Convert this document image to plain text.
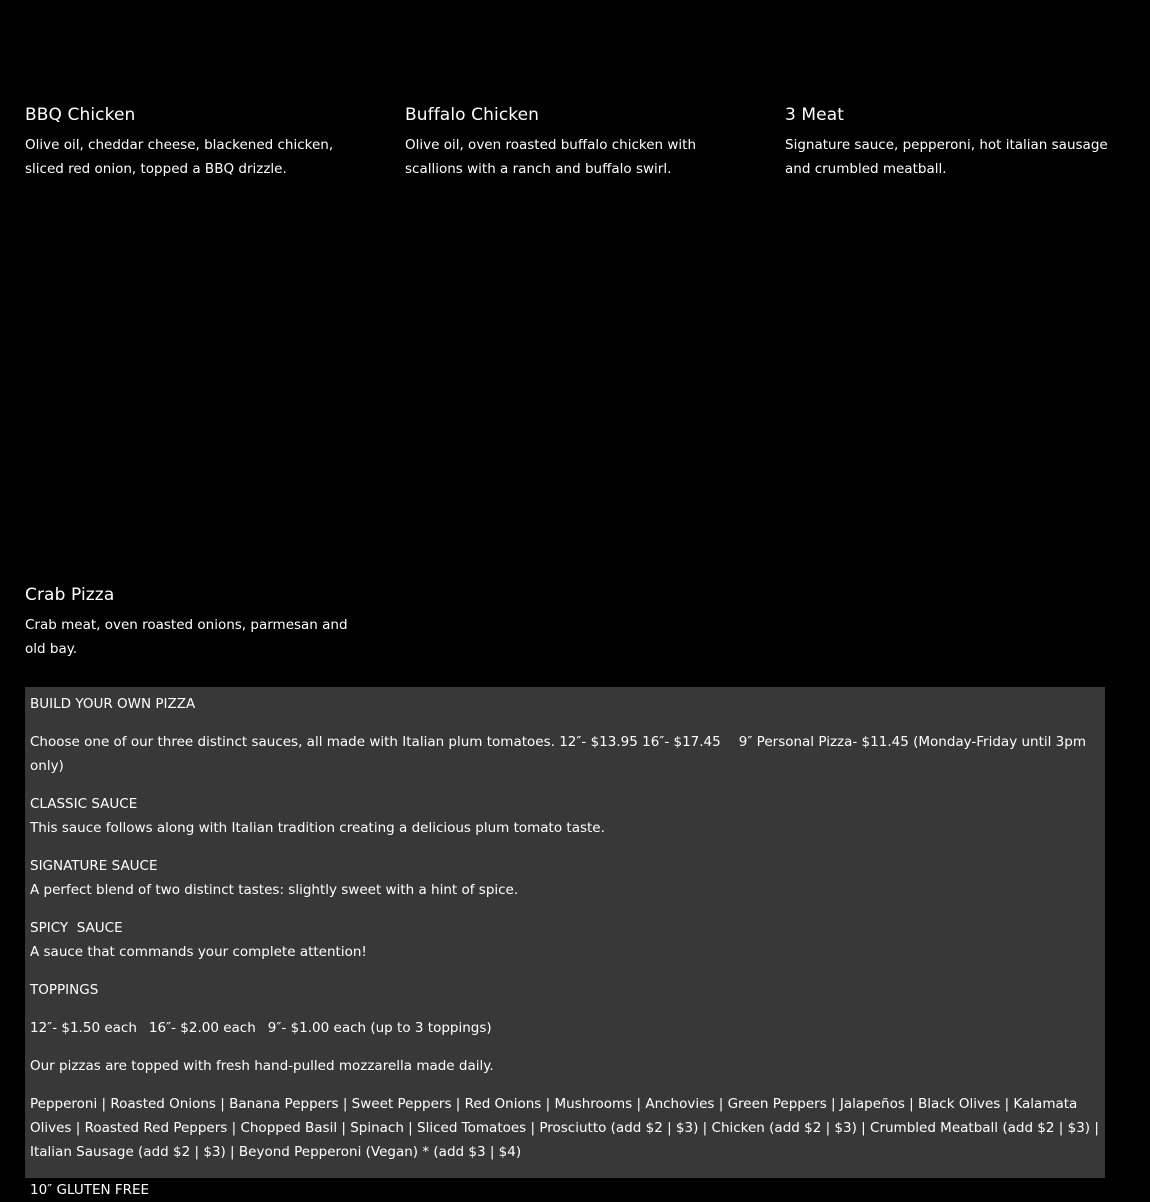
BBQ Chicken

Olive oil, cheddar cheese, blackened chicken, sliced red onion, topped a BBQ drizzle.

Buffalo Chicken

Olive oil, oven roasted buffalo chicken with scallions with a ranch and buffalo swirl.

3 Meat

Signature sauce, pepperoni, hot italian sausage and crumbled meatball.

Crab Pizza

Crab meat, oven roasted onions, parmesan and old bay.

BUILD YOUR OWN PIZZA

Choose one of our three distinct sauces, all made with Italian plum tomatoes. 12″- $13.95 16″- $17.45 9″ Personal Pizza- $11.45 (Monday-Friday until 3pm only)

CLASSIC SAUCE

This sauce follows along with Italian tradition creating a delicious plum tomato taste.

SIGNATURE SAUCE

A perfect blend of two distinct tastes: slightly sweet with a hint of spice.

SPICY  SAUCE

A sauce that commands your complete attention!

TOPPINGS

12″- $1.50 each 16″- $2.00 each 9″- $1.00 each (up to 3 toppings)

Our pizzas are topped with fresh hand-pulled mozzarella made daily.

Pepperoni | Roasted Onions | Banana Peppers | Sweet Peppers | Red Onions | Mushrooms | Anchovies | Green Peppers | Jalapeños | Black Olives | Kalamata Olives | Roasted Red Peppers | Chopped Basil | Spinach | Sliced Tomatoes | Prosciutto (add $2 | $3) | Chicken (add $2 | $3) | Crumbled Meatball (add $2 | $3) | Italian Sausage (add $2 | $3) | Beyond Pepperoni (Vegan) * (add $3 | $4)

10″ GLUTEN FREE
